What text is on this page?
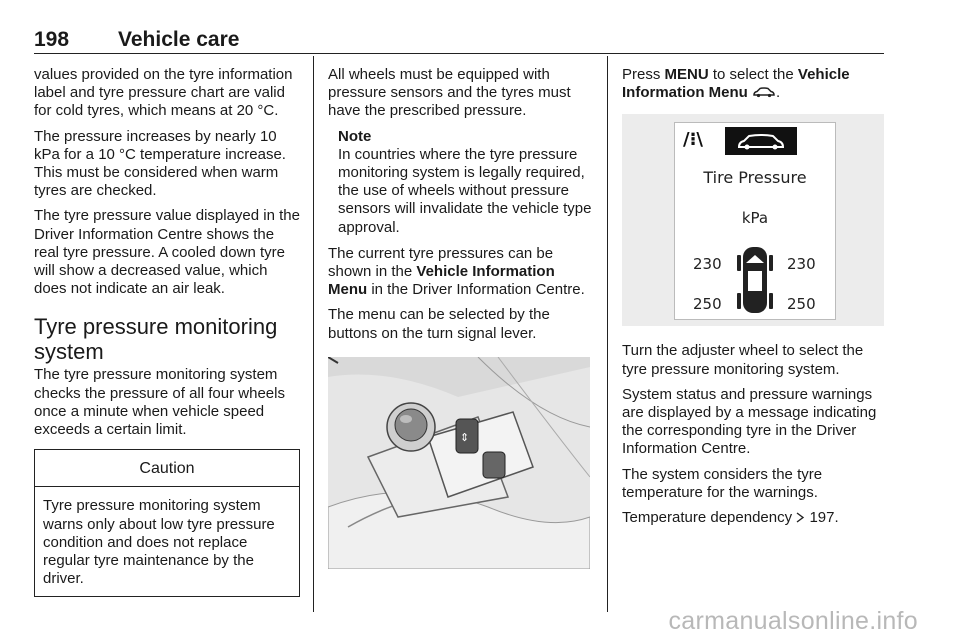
198 Vehicle care

values provided on the tyre information label and tyre pressure chart are valid for cold tyres, which means at 20 °C.

The pressure increases by nearly 10 kPa for a 10 °C temperature increase. This must be considered when warm tyres are checked.

The tyre pressure value displayed in the Driver Information Centre shows the real tyre pressure. A cooled down tyre will show a decreased value, which does not indicate an air leak.

Tyre pressure monitoring system

The tyre pressure monitoring system checks the pressure of all four wheels once a minute when vehicle speed exceeds a certain limit.

Caution
Tyre pressure monitoring system warns only about low tyre pressure condition and does not replace regular tyre maintenance by the driver.

All wheels must be equipped with pressure sensors and the tyres must have the prescribed pressure.

Note
In countries where the tyre pressure monitoring system is legally required, the use of wheels without pressure sensors will invalidate the vehicle type approval.

The current tyre pressures can be shown in the Vehicle Information Menu in the Driver Information Centre.

The menu can be selected by the buttons on the turn signal lever.

⇕

Press MENU to select the Vehicle Information Menu .

/⁝\
Tire Pressure
kPa
230	230
250	250

Turn the adjuster wheel to select the tyre pressure monitoring system.

System status and pressure warnings are displayed by a message indicating the corresponding tyre in the Driver Information Centre.

The system considers the tyre temperature for the warnings.

Temperature dependency  197.

carmanualsonline.info
